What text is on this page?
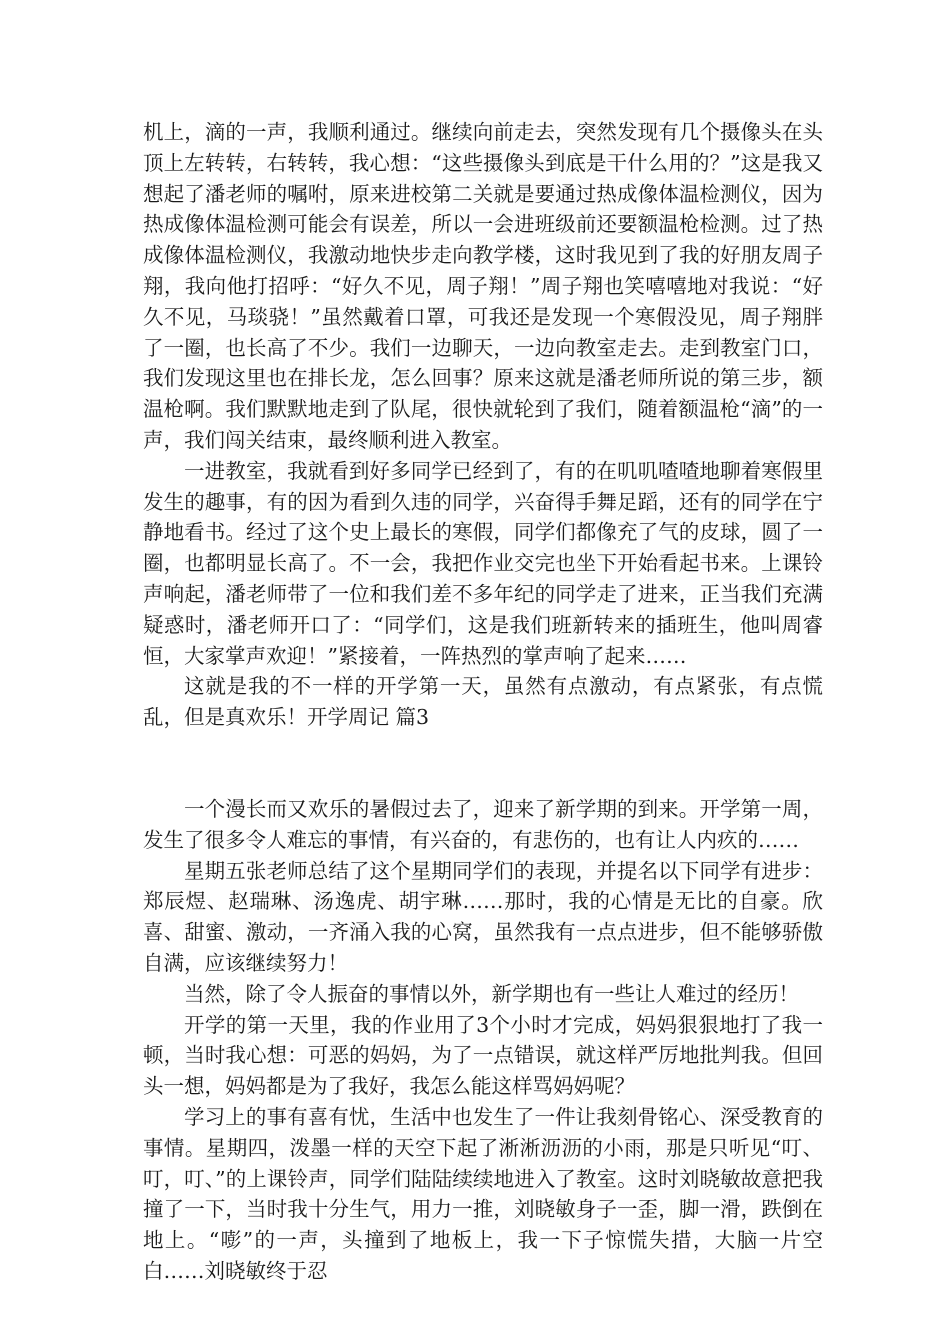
机上，滴的一声，我顺利通过。继续向前走去，突然发现有几个摄像头在头顶上左转转，右转转，我心想：“这些摄像头到底是干什么用的？”这是我又想起了潘老师的嘱咐，原来进校第二关就是要通过热成像体温检测仪，因为热成像体温检测可能会有误差，所以一会进班级前还要额温枪检测。过了热成像体温检测仪，我激动地快步走向教学楼，这时我见到了我的好朋友周子翔，我向他打招呼：“好久不见，周子翔！”周子翔也笑嘻嘻地对我说：“好久不见，马琰骁！”虽然戴着口罩，可我还是发现一个寒假没见，周子翔胖了一圈，也长高了不少。我们一边聊天，一边向教室走去。走到教室门口，我们发现这里也在排长龙，怎么回事？原来这就是潘老师所说的第三步，额温枪啊。我们默默地走到了队尾，很快就轮到了我们，随着额温枪“滴”的一声，我们闯关结束，最终顺利进入教室。

一进教室，我就看到好多同学已经到了，有的在叽叽喳喳地聊着寒假里发生的趣事，有的因为看到久违的同学，兴奋得手舞足蹈，还有的同学在宁静地看书。经过了这个史上最长的寒假，同学们都像充了气的皮球，圆了一圈，也都明显长高了。不一会，我把作业交完也坐下开始看起书来。上课铃声响起，潘老师带了一位和我们差不多年纪的同学走了进来，正当我们充满疑惑时，潘老师开口了：“同学们，这是我们班新转来的插班生，他叫周睿恒，大家掌声欢迎！”紧接着，一阵热烈的掌声响了起来……

这就是我的不一样的开学第一天，虽然有点激动，有点紧张，有点慌乱，但是真欢乐！开学周记 篇3

一个漫长而又欢乐的暑假过去了，迎来了新学期的到来。开学第一周，发生了很多令人难忘的事情，有兴奋的，有悲伤的，也有让人内疚的……

星期五张老师总结了这个星期同学们的表现，并提名以下同学有进步：郑辰煜、赵瑞琳、汤逸虎、胡宇琳……那时，我的心情是无比的自豪。欣喜、甜蜜、激动，一齐涌入我的心窝，虽然我有一点点进步，但不能够骄傲自满，应该继续努力！

当然，除了令人振奋的事情以外，新学期也有一些让人难过的经历！

开学的第一天里，我的作业用了3个小时才完成，妈妈狠狠地打了我一顿，当时我心想：可恶的妈妈，为了一点错误，就这样严厉地批判我。但回头一想，妈妈都是为了我好，我怎么能这样骂妈妈呢？

学习上的事有喜有忧，生活中也发生了一件让我刻骨铭心、深受教育的事情。星期四，泼墨一样的天空下起了淅淅沥沥的小雨，那是只听见“叮、叮，叮、”的上课铃声，同学们陆陆续续地进入了教室。这时刘晓敏故意把我撞了一下，当时我十分生气，用力一推，刘晓敏身子一歪，脚一滑，跌倒在地上。“嘭”的一声，头撞到了地板上，我一下子惊慌失措，大脑一片空白……刘晓敏终于忍
